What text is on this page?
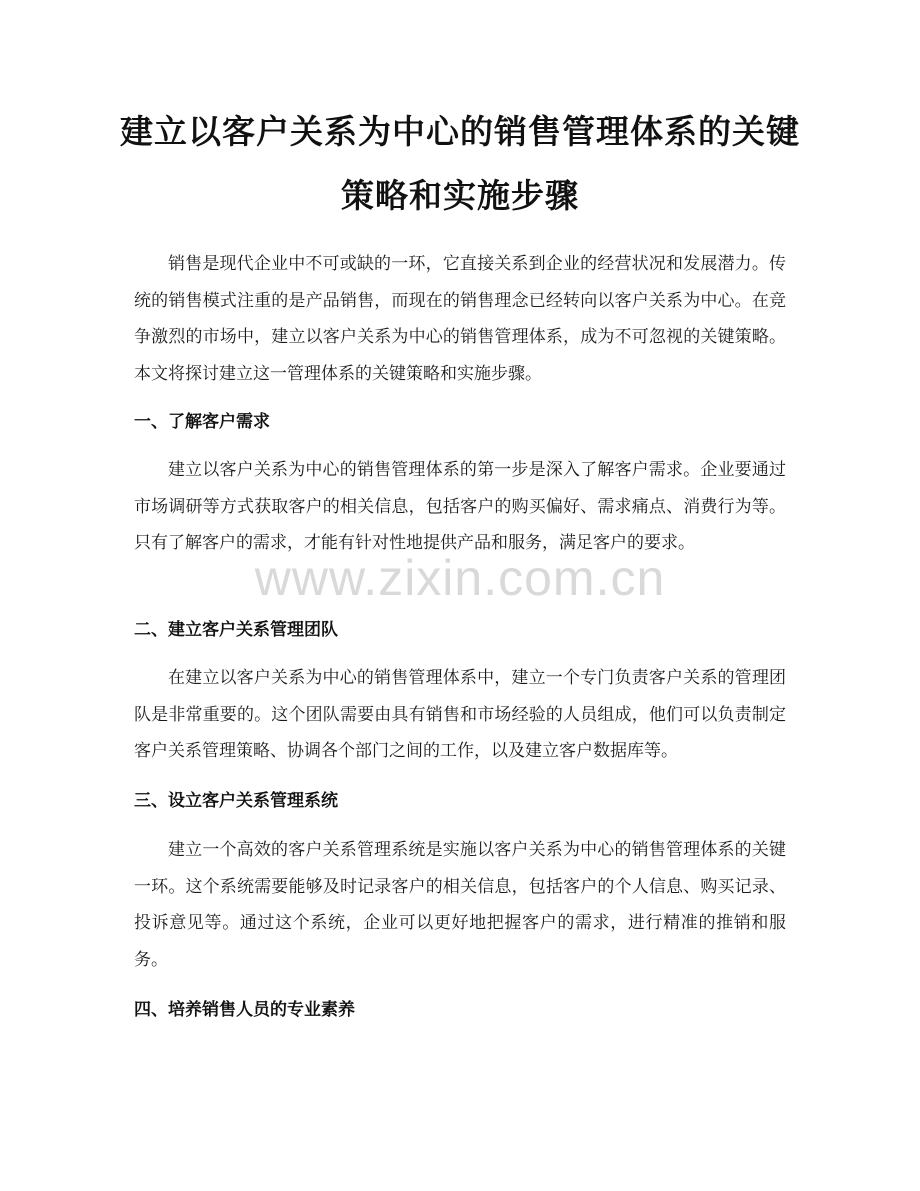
建立以客户关系为中心的销售管理体系的关键策略和实施步骤

销售是现代企业中不可或缺的一环，它直接关系到企业的经营状况和发展潜力。传统的销售模式注重的是产品销售，而现在的销售理念已经转向以客户关系为中心。在竞争激烈的市场中，建立以客户关系为中心的销售管理体系，成为不可忽视的关键策略。本文将探讨建立这一管理体系的关键策略和实施步骤。

一、了解客户需求

建立以客户关系为中心的销售管理体系的第一步是深入了解客户需求。企业要通过市场调研等方式获取客户的相关信息，包括客户的购买偏好、需求痛点、消费行为等。只有了解客户的需求，才能有针对性地提供产品和服务，满足客户的要求。

二、建立客户关系管理团队

在建立以客户关系为中心的销售管理体系中，建立一个专门负责客户关系的管理团队是非常重要的。这个团队需要由具有销售和市场经验的人员组成，他们可以负责制定客户关系管理策略、协调各个部门之间的工作，以及建立客户数据库等。

三、设立客户关系管理系统

建立一个高效的客户关系管理系统是实施以客户关系为中心的销售管理体系的关键一环。这个系统需要能够及时记录客户的相关信息，包括客户的个人信息、购买记录、投诉意见等。通过这个系统，企业可以更好地把握客户的需求，进行精准的推销和服务。

四、培养销售人员的专业素养
www.zixin.com.cn
